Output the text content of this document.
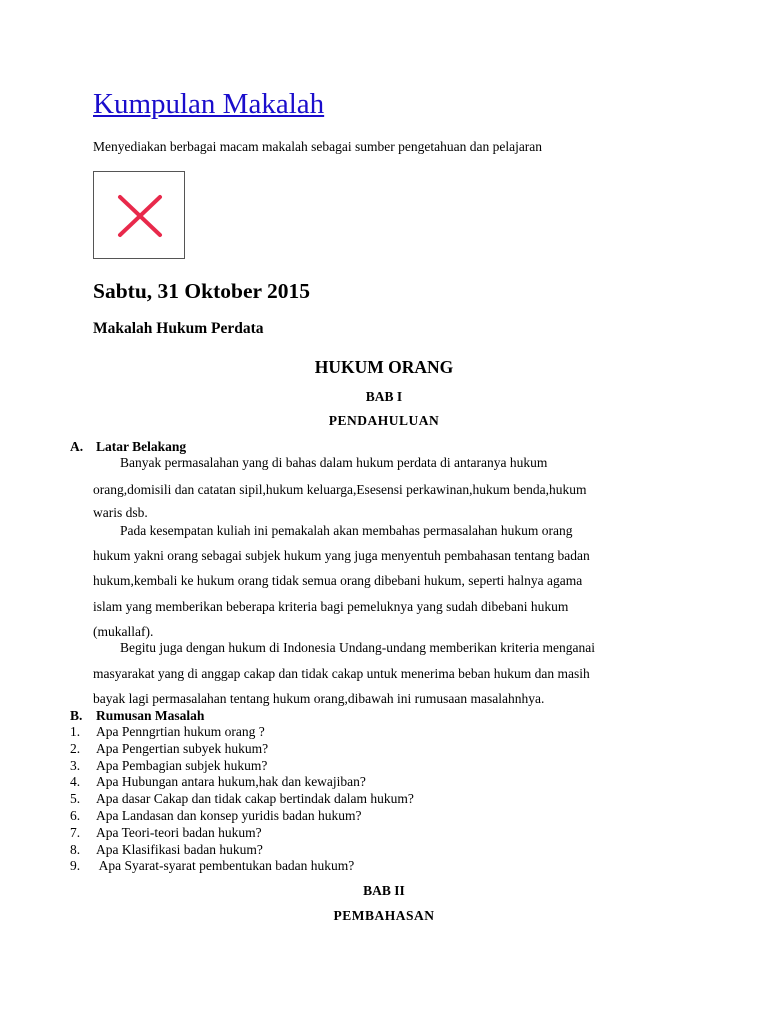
Kumpulan Makalah

Menyediakan berbagai macam makalah sebagai sumber pengetahuan dan pelajaran

Sabtu, 31 Oktober 2015
Makalah Hukum Perdata

HUKUM ORANG

BAB I

PENDAHULUAN

A. Latar Belakang

Banyak permasalahan yang di bahas dalam hukum perdata di antaranya hukum
orang,domisili dan catatan sipil,hukum keluarga,Esesensi perkawinan,hukum benda,hukum
waris dsb.
Pada kesempatan kuliah ini pemakalah akan membahas permasalahan hukum orang
hukum yakni orang sebagai subjek hukum yang juga menyentuh pembahasan tentang badan
hukum,kembali ke hukum orang tidak semua orang dibebani hukum, seperti halnya agama
islam yang memberikan beberapa kriteria bagi pemeluknya yang sudah dibebani hukum
(mukallaf).
Begitu juga dengan hukum di Indonesia Undang-undang memberikan kriteria menganai
masyarakat yang di anggap cakap dan tidak cakap untuk menerima beban hukum dan masih
bayak lagi permasalahan tentang hukum orang,dibawah ini rumusaan masalahnhya.

B. Rumusan Masalah

1. Apa Penngrtian hukum orang ?
2. Apa Pengertian subyek hukum?
3. Apa Pembagian subjek hukum?
4. Apa Hubungan antara hukum,hak dan kewajiban?
5. Apa dasar Cakap dan tidak cakap bertindak dalam hukum?
6. Apa Landasan dan konsep yuridis badan hukum?
7. Apa Teori-teori badan hukum?
8. Apa Klasifikasi badan hukum?
9. Apa Syarat-syarat pembentukan badan hukum?

BAB II

PEMBAHASAN
